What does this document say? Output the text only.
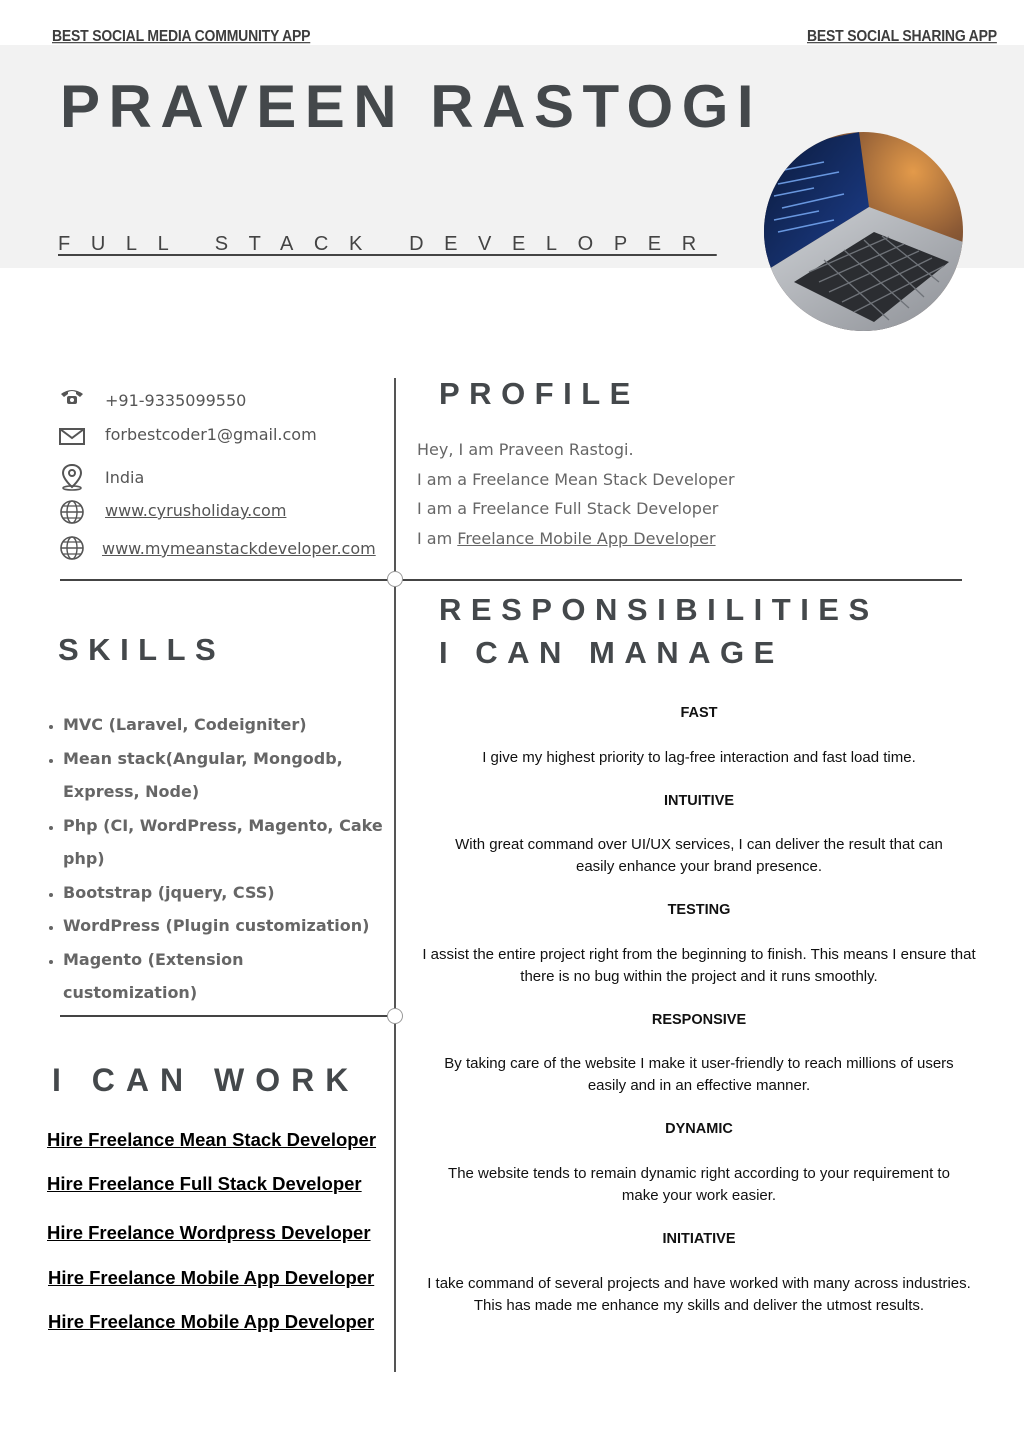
BEST SOCIAL MEDIA COMMUNITY APP	BEST SOCIAL SHARING APP
PRAVEEN RASTOGI
FULL STACK DEVELOPER
+91-9335099550
forbestcoder1@gmail.com
India
www.cyrusholiday.com
www.mymeanstackdeveloper.com
PROFILE
Hey, I am Praveen Rastogi.
I am a Freelance Mean Stack Developer
I am a Freelance Full Stack Developer
I am Freelance Mobile App Developer
SKILLS
• MVC (Laravel, Codeigniter)
• Mean stack(Angular, Mongodb, Express, Node)
• Php (CI, WordPress, Magento, Cake php)
• Bootstrap (jquery, CSS)
• WordPress (Plugin customization)
• Magento (Extension customization)
I CAN WORK
Hire Freelance Mean Stack Developer
Hire Freelance Full Stack Developer
Hire Freelance Wordpress Developer
Hire Freelance Mobile App Developer
Hire Freelance Mobile App Developer
RESPONSIBILITIES
I CAN MANAGE
FAST
I give my highest priority to lag-free interaction and fast load time.
INTUITIVE
With great command over UI/UX services, I can deliver the result that can easily enhance your brand presence.
TESTING
I assist the entire project right from the beginning to finish. This means I ensure that there is no bug within the project and it runs smoothly.
RESPONSIVE
By taking care of the website I make it user-friendly to reach millions of users easily and in an effective manner.
DYNAMIC
The website tends to remain dynamic right according to your requirement to make your work easier.
INITIATIVE
I take command of several projects and have worked with many across industries. This has made me enhance my skills and deliver the utmost results.
